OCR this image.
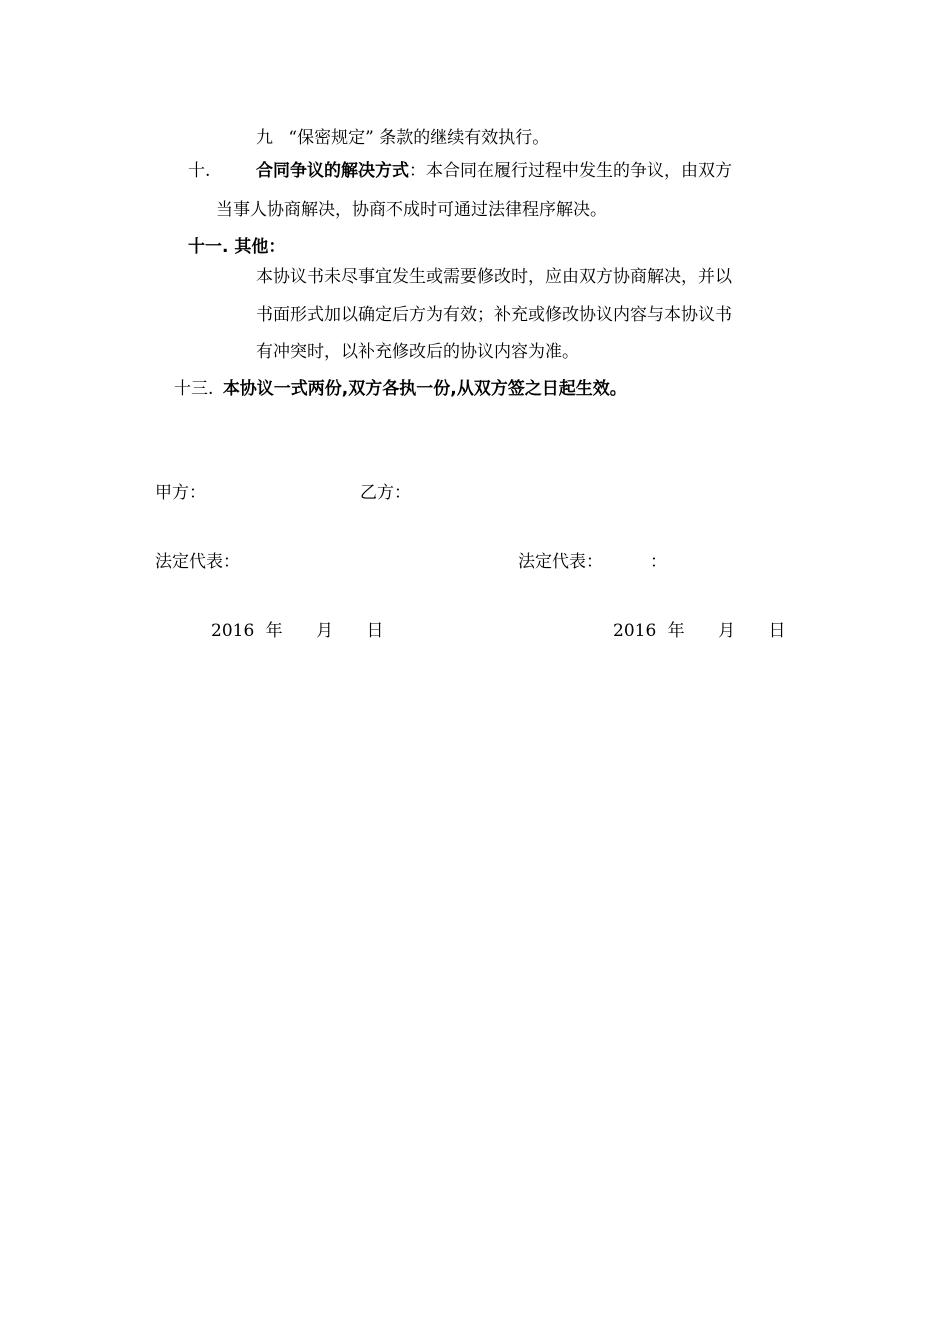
九 “保密规定” 条款的继续有效执行。
十.	合同争议的解决方式：本合同在履行过程中发生的争议，由双方
当事人协商解决，协商不成时可通过法律程序解决。
十一. 其他：
本协议书未尽事宜发生或需要修改时，应由双方协商解决，并以
书面形式加以确定后方为有效；补充或修改协议内容与本协议书
有冲突时，以补充修改后的协议内容为准。
十三. 本协议一式两份,双方各执一份,从双方签之日起生效。
甲方：	乙方：
法定代表：	法定代表：	：
2016 年 月 日	2016 年 月 日
